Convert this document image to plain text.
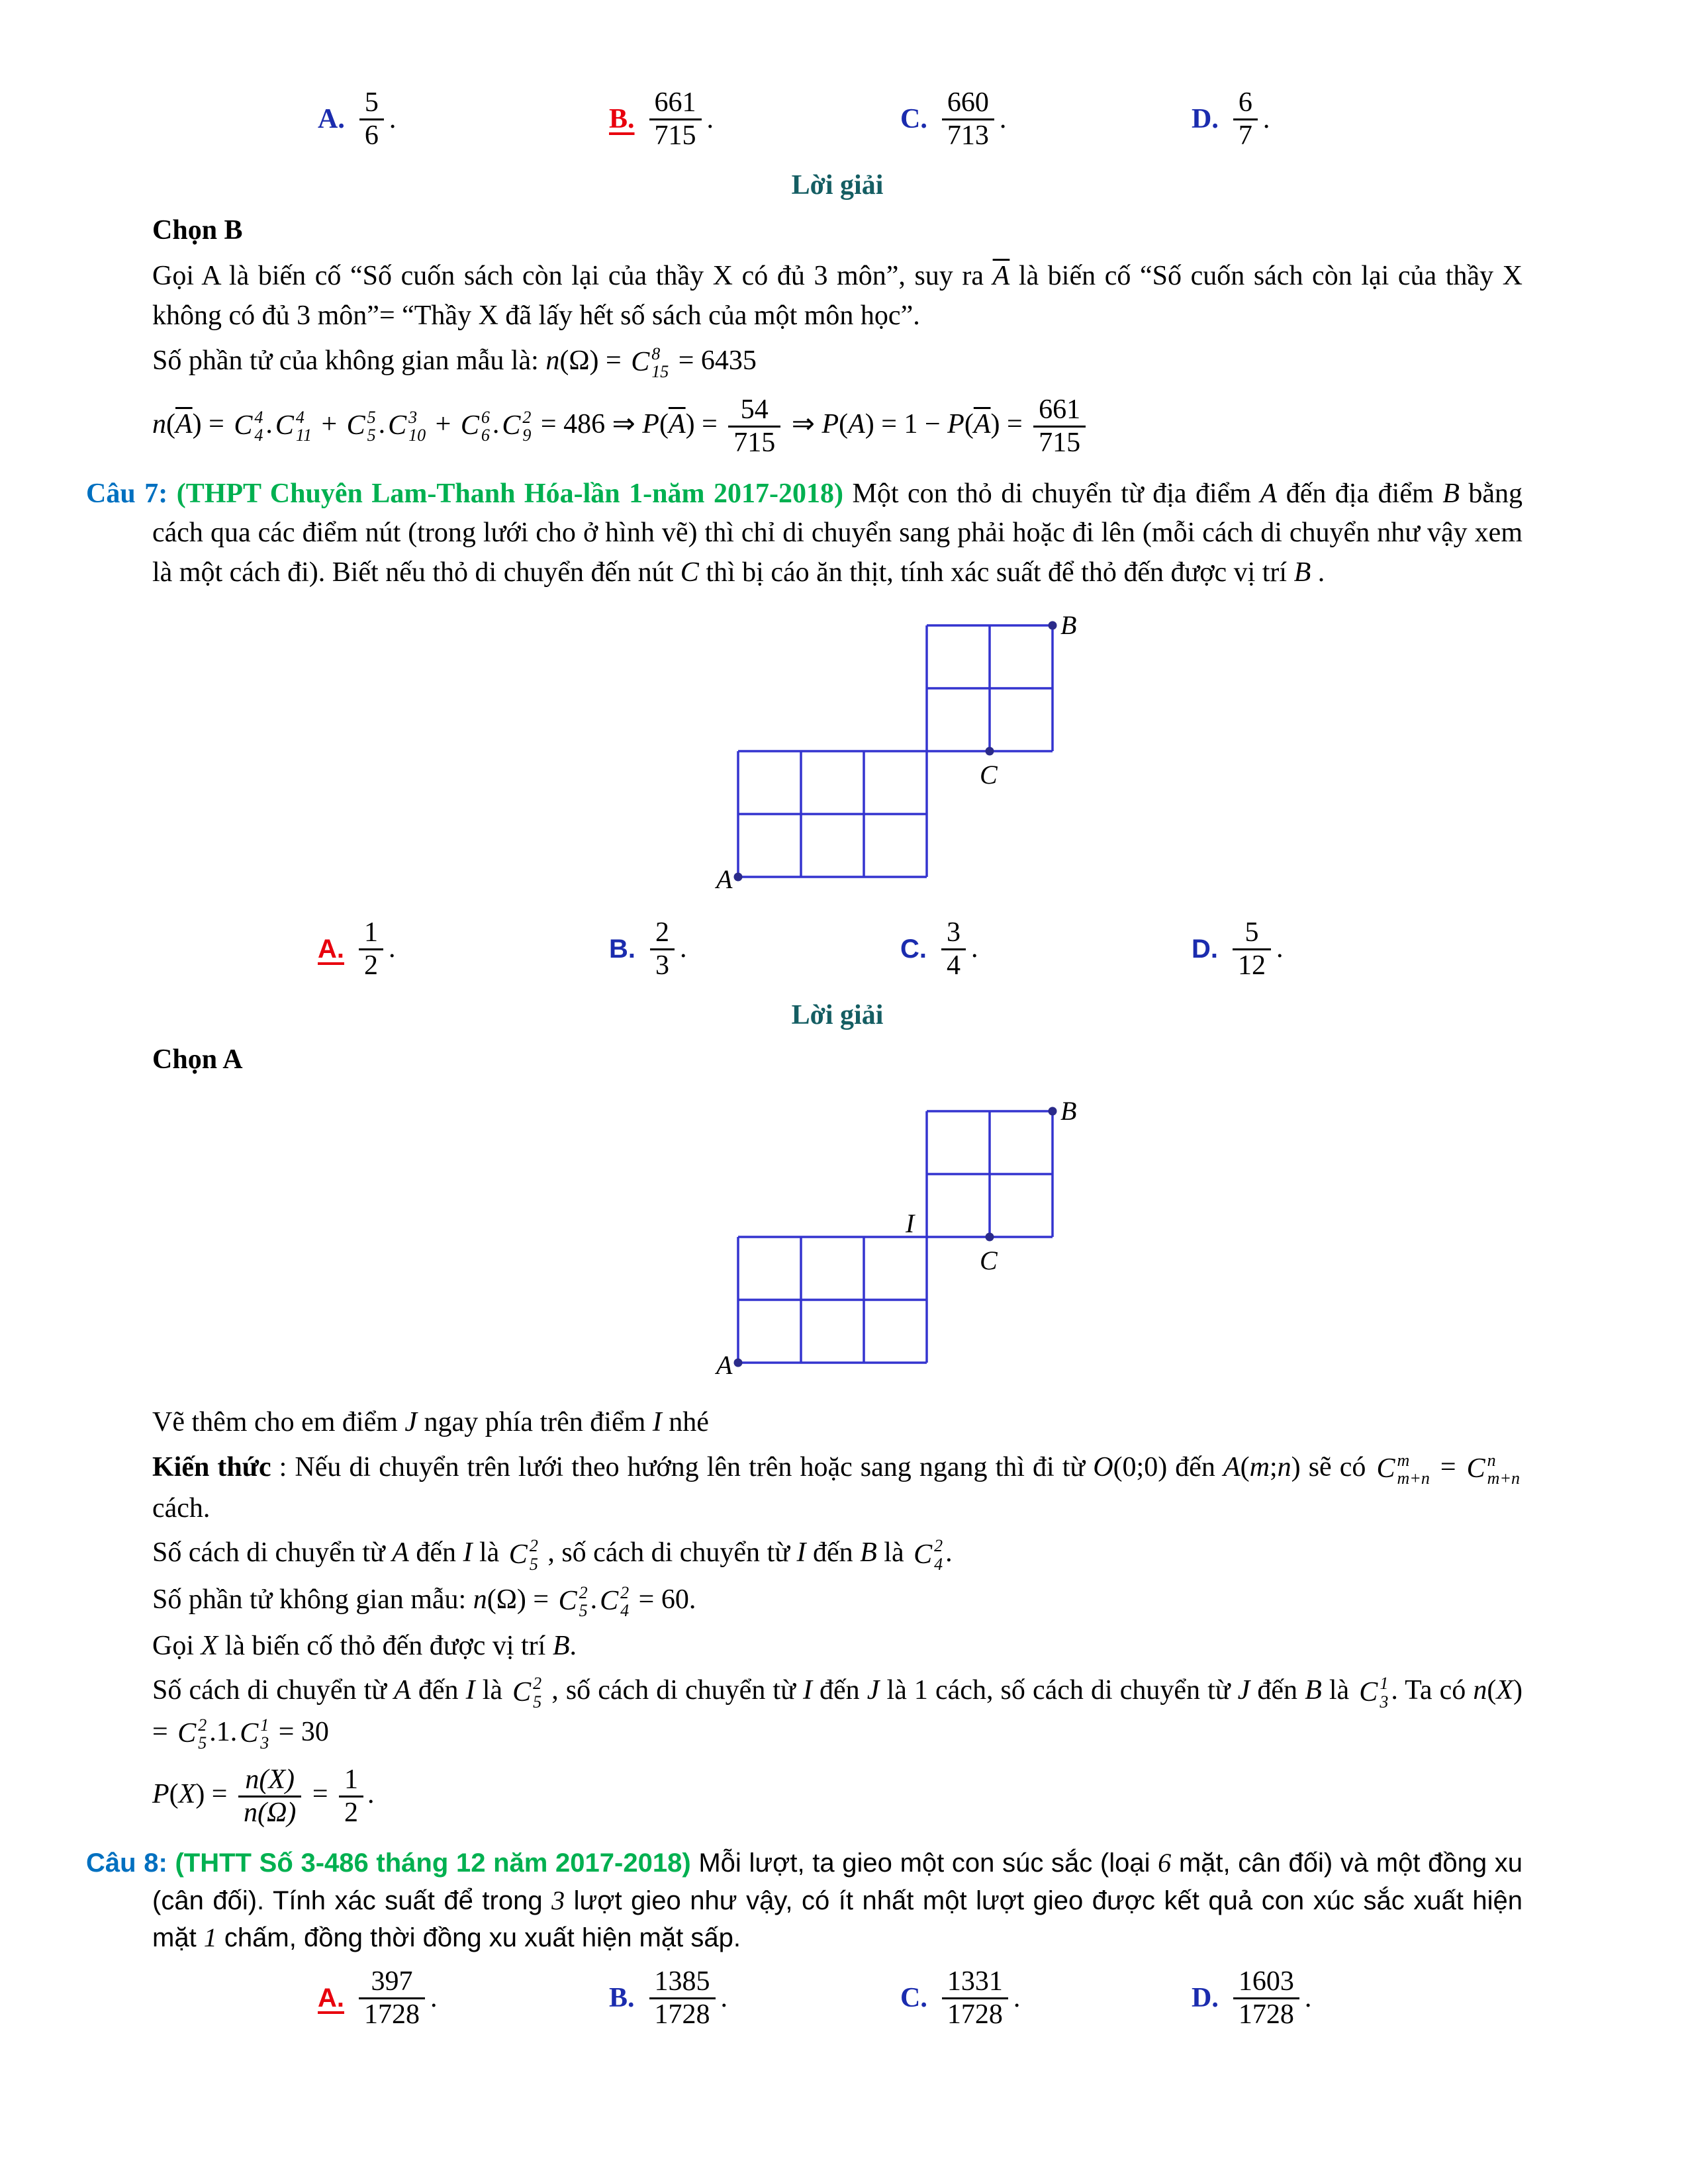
A. $\frac{5}{6}$ .	B. $\frac{661}{715}$ .	C. $\frac{660}{713}$ .	D. $\frac{6}{7}$ .

Lời giải

Chọn B

Gọi A là biến cố “Số cuốn sách còn lại của thầy X có đủ 3 môn”, suy ra $\overline{A}$ là biến cố “Số cuốn sách còn lại của thầy X không có đủ 3 môn”= “Thầy X đã lấy hết số sách của một môn học”.

Số phần tử của không gian mẫu là: n(Ω) = C 8
15 = 6435

$n(\overline{A}) = C$ 4
4 . C 4
11 + C 5
5 . C 3
10 + C 6
6 . C 2
9 = 486 ⇒ $P(\overline{A}) = \frac{54}{715}$ ⇒ $P(A) = 1 - P(\overline{A}) = \frac{661}{715}$

Câu 7: (THPT Chuyên Lam-Thanh Hóa-lần 1-năm 2017-2018) Một con thỏ di chuyển từ địa điểm A đến địa điểm B bằng cách qua các điểm nút (trong lưới cho ở hình vẽ) thì chỉ di chuyển sang phải hoặc đi lên (mỗi cách di chuyển như vậy xem là một cách đi). Biết nếu thỏ di chuyển đến nút C thì bị cáo ăn thịt, tính xác suất để thỏ đến được vị trí B .

A
B
C
A. $\frac{1}{2}$ .	B. $\frac{2}{3}$ .	C. $\frac{3}{4}$ .	D. $\frac{5}{12}$ .

Lời giải

Chọn A

A
B
C
I

Vẽ thêm cho em điểm J ngay phía trên điểm I nhé

Kiến thức : Nếu di chuyển trên lưới theo hướng lên trên hoặc sang ngang thì đi từ O(0;0) đến A(m;n) sẽ có C m
m+n = C n
m+n
cách.

Số cách di chuyển từ A đến I là C 2
5 , số cách di chuyển từ I đến B là C 2
4 .

Số phần tử không gian mẫu: n(Ω) = C 2
5 . C 2
4 = 60.

Gọi X là biến cố thỏ đến được vị trí B.

Số cách di chuyển từ A đến I là C 2
5 , số cách di chuyển từ I đến J là 1 cách, số cách di chuyển từ J đến B là C 1
3 . Ta có n(X) = C 2
5 .1. C 1
3 = 30

$P(X) = \frac{n(X)}{n(\Omega)} = \frac{1}{2}$ .

Câu 8: (THTT Số 3-486 tháng 12 năm 2017-2018) Mỗi lượt, ta gieo một con súc sắc (loại 6 mặt, cân đối) và một đồng xu (cân đối). Tính xác suất để trong 3 lượt gieo như vậy, có ít nhất một lượt gieo được kết quả con xúc sắc xuất hiện mặt 1 chấm, đồng thời đồng xu xuất hiện mặt sấp.

A. $\frac{397}{1728}$ .	B. $\frac{1385}{1728}$ .	C. $\frac{1331}{1728}$ .	D. $\frac{1603}{1728}$ .
